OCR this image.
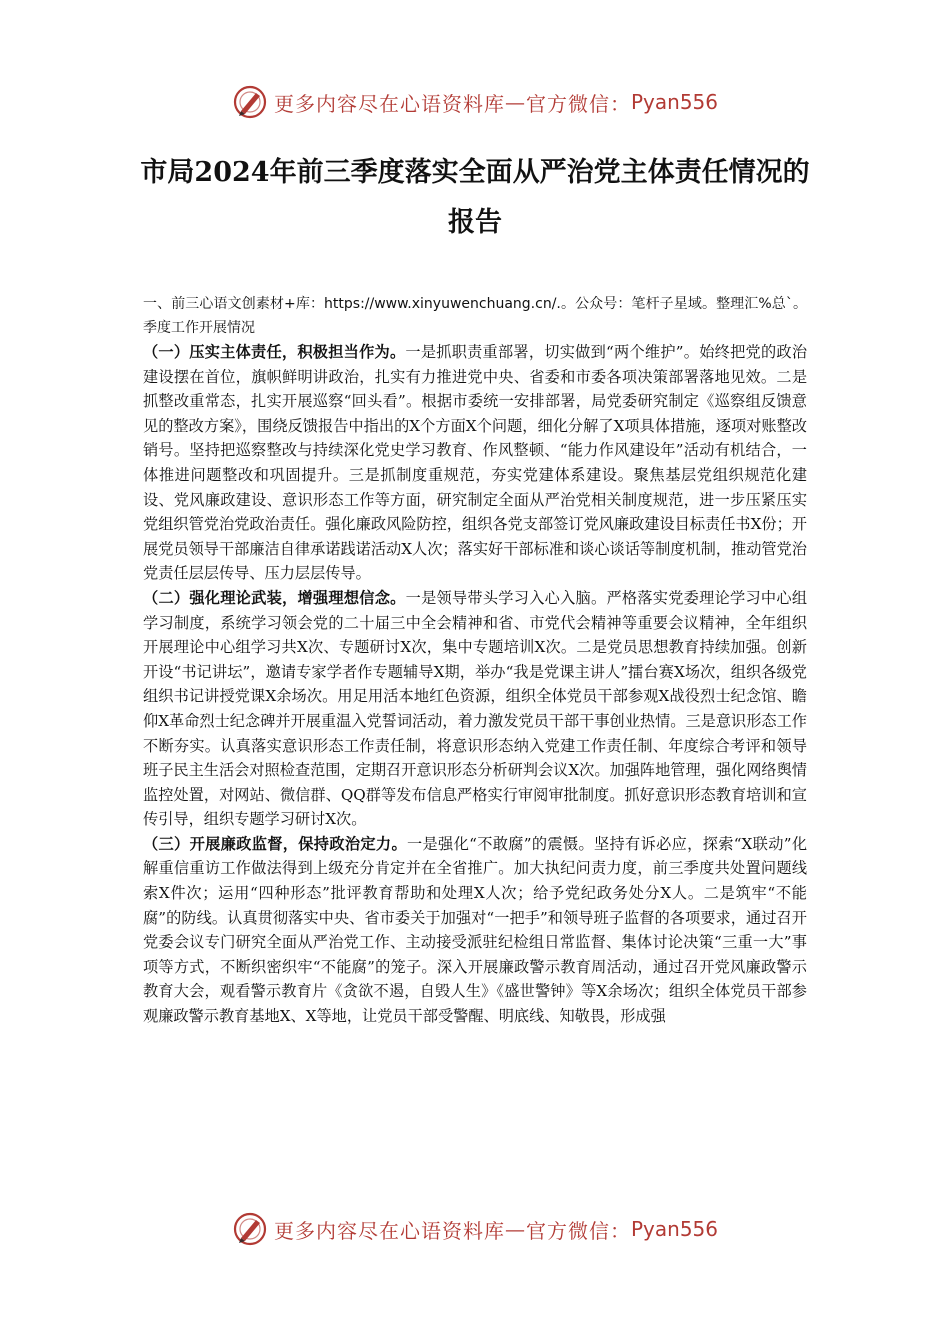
更多内容尽在心语资料库 — 官方微信： Pyan556
市局2024年前三季度落实全面从严治党主体责任情况的报告

一、前三心语文创素材+库：https://www.xinyuwenchuang.cn/.。公众号：笔杆子星域。整理汇%总`。季度工作开展情况

（一）压实主体责任，积极担当作为。一是抓职责重部署，切实做到“两个维护”。始终把党的政治建设摆在首位，旗帜鲜明讲政治，扎实有力推进党中央、省委和市委各项决策部署落地见效。二是抓整改重常态，扎实开展巡察“回头看”。根据市委统一安排部署，局党委研究制定《巡察组反馈意见的整改方案》，围绕反馈报告中指出的X个方面X个问题，细化分解了X项具体措施，逐项对账整改销号。坚持把巡察整改与持续深化党史学习教育、作风整顿、“能力作风建设年”活动有机结合，一体推进问题整改和巩固提升。三是抓制度重规范，夯实党建体系建设。聚焦基层党组织规范化建设、党风廉政建设、意识形态工作等方面，研究制定全面从严治党相关制度规范，进一步压紧压实党组织管党治党政治责任。强化廉政风险防控，组织各党支部签订党风廉政建设目标责任书X份；开展党员领导干部廉洁自律承诺践诺活动X人次；落实好干部标准和谈心谈话等制度机制，推动管党治党责任层层传导、压力层层传导。

（二）强化理论武装，增强理想信念。一是领导带头学习入心入脑。严格落实党委理论学习中心组学习制度，系统学习领会党的二十届三中全会精神和省、市党代会精神等重要会议精神，全年组织开展理论中心组学习共X次、专题研讨X次，集中专题培训X次。二是党员思想教育持续加强。创新开设“书记讲坛”，邀请专家学者作专题辅导X期，举办“我是党课主讲人”擂台赛X场次，组织各级党组织书记讲授党课X余场次。用足用活本地红色资源，组织全体党员干部参观X战役烈士纪念馆、瞻仰X革命烈士纪念碑并开展重温入党誓词活动，着力激发党员干部干事创业热情。三是意识形态工作不断夯实。认真落实意识形态工作责任制，将意识形态纳入党建工作责任制、年度综合考评和领导班子民主生活会对照检查范围，定期召开意识形态分析研判会议X次。加强阵地管理，强化网络舆情监控处置，对网站、微信群、QQ群等发布信息严格实行审阅审批制度。抓好意识形态教育培训和宣传引导，组织专题学习研讨X次。

（三）开展廉政监督，保持政治定力。一是强化“不敢腐”的震慑。坚持有诉必应，探索“X联动”化解重信重访工作做法得到上级充分肯定并在全省推广。加大执纪问责力度，前三季度共处置问题线索X件次；运用“四种形态”批评教育帮助和处理X人次；给予党纪政务处分X人。二是筑牢“不能腐”的防线。认真贯彻落实中央、省市委关于加强对“一把手”和领导班子监督的各项要求，通过召开党委会议专门研究全面从严治党工作、主动接受派驻纪检组日常监督、集体讨论决策“三重一大”事项等方式，不断织密织牢“不能腐”的笼子。深入开展廉政警示教育周活动，通过召开党风廉政警示教育大会，观看警示教育片《贪欲不遏，自毁人生》《盛世警钟》等X余场次；组织全体党员干部参观廉政警示教育基地X、X等地，让党员干部受警醒、明底线、知敬畏，形成强

更多内容尽在心语资料库 — 官方微信： Pyan556
